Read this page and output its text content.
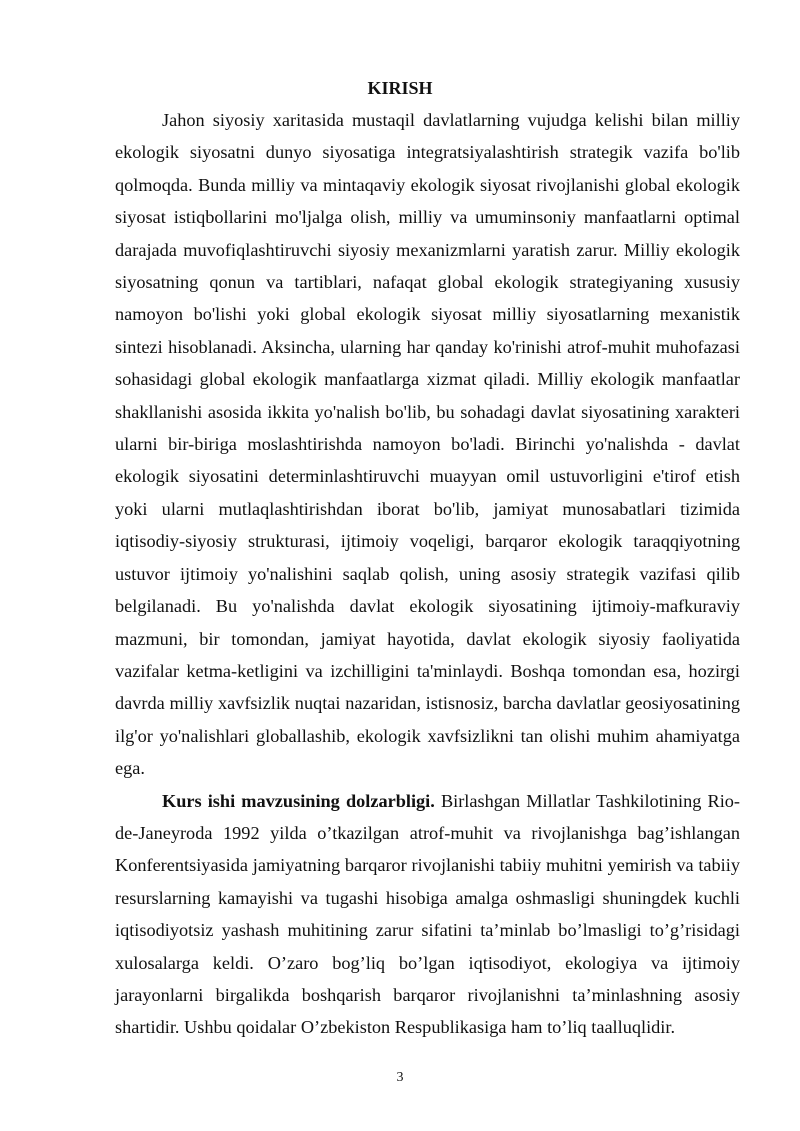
KIRISH

Jahon siyosiy xaritasida mustaqil davlatlarning vujudga kelishi bilan milliy ekologik siyosatni dunyo siyosatiga integratsiyalashtirish strategik vazifa bo'lib qolmoqda. Bunda milliy va mintaqaviy ekologik siyosat rivojlanishi global ekologik siyosat istiqbollarini mo'ljalga olish, milliy va umuminsoniy manfaatlarni optimal darajada muvofiqlashtiruvchi siyosiy mexanizmlarni yaratish zarur. Milliy ekologik siyosatning qonun va tartiblari, nafaqat global ekologik strategiyaning xususiy namoyon bo'lishi yoki global ekologik siyosat milliy siyosatlarning mexanistik sintezi hisoblanadi. Aksincha, ularning har qanday ko'rinishi atrof-muhit muhofazasi sohasidagi global ekologik manfaatlarga xizmat qiladi. Milliy ekologik manfaatlar shakllanishi asosida ikkita yo'nalish bo'lib, bu sohadagi davlat siyosatining xarakteri ularni bir-biriga moslashtirishda namoyon bo'ladi. Birinchi yo'nalishda - davlat ekologik siyosatini determinlashtiruvchi muayyan omil ustuvorligini e'tirof etish yoki ularni mutlaqlashtirishdan iborat bo'lib, jamiyat munosabatlari tizimida iqtisodiy-siyosiy strukturasi, ijtimoiy voqeligi, barqaror ekologik taraqqiyotning ustuvor ijtimoiy yo'nalishini saqlab qolish, uning asosiy strategik vazifasi qilib belgilanadi. Bu yo'nalishda davlat ekologik siyosatining ijtimoiy-mafkuraviy mazmuni, bir tomondan, jamiyat hayotida, davlat ekologik siyosiy faoliyatida vazifalar ketma-ketligini va izchilligini ta'minlaydi. Boshqa tomondan esa, hozirgi davrda milliy xavfsizlik nuqtai nazaridan, istisnosiz, barcha davlatlar geosiyosatining ilg'or yo'nalishlari globallashib, ekologik xavfsizlikni tan olishi muhim ahamiyatga ega.

Kurs ishi mavzusining dolzarbligi. Birlashgan Millatlar Tashkilotining Rio-de-Janeyroda 1992 yilda o’tkazilgan atrof-muhit va rivojlanishga bag’ishlangan Konferentsiyasida jamiyatning barqaror rivojlanishi tabiiy muhitni yemirish va tabiiy resurslarning kamayishi va tugashi hisobiga amalga oshmasligi shuningdek kuchli iqtisodiyotsiz yashash muhitining zarur sifatini ta’minlab bo’lmasligi to’g’risidagi xulosalarga keldi. O’zaro bog’liq bo’lgan iqtisodiyot, ekologiya va ijtimoiy jarayonlarni birgalikda boshqarish barqaror rivojlanishni ta’minlashning asosiy shartidir. Ushbu qoidalar O’zbekiston Respublikasiga ham to’liq taalluqlidir.

3
